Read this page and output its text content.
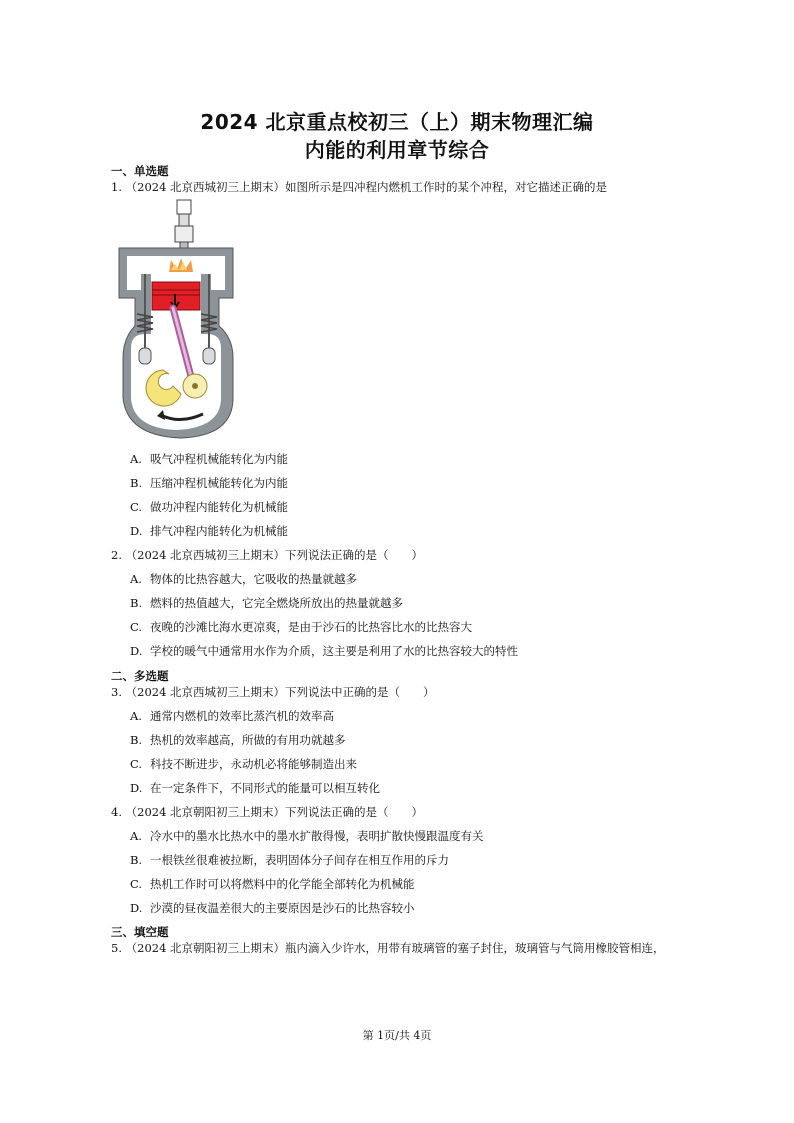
2024 北京重点校初三（上）期末物理汇编
内能的利用章节综合
一、单选题
1. （2024 北京西城初三上期末）如图所示是四冲程内燃机工作时的某个冲程，对它描述正确的是
A. 吸气冲程机械能转化为内能
B. 压缩冲程机械能转化为内能
C. 做功冲程内能转化为机械能
D. 排气冲程内能转化为机械能
2. （2024 北京西城初三上期末）下列说法正确的是（　　）
A. 物体的比热容越大，它吸收的热量就越多
B. 燃料的热值越大，它完全燃烧所放出的热量就越多
C. 夜晚的沙滩比海水更凉爽，是由于沙石的比热容比水的比热容大
D. 学校的暖气中通常用水作为介质，这主要是利用了水的比热容较大的特性
二、多选题
3. （2024 北京西城初三上期末）下列说法中正确的是（　　）
A. 通常内燃机的效率比蒸汽机的效率高
B. 热机的效率越高，所做的有用功就越多
C. 科技不断进步，永动机必将能够制造出来
D. 在一定条件下，不同形式的能量可以相互转化
4. （2024 北京朝阳初三上期末）下列说法正确的是（　　）
A. 冷水中的墨水比热水中的墨水扩散得慢，表明扩散快慢跟温度有关
B. 一根铁丝很难被拉断，表明固体分子间存在相互作用的斥力
C. 热机工作时可以将燃料中的化学能全部转化为机械能
D. 沙漠的昼夜温差很大的主要原因是沙石的比热容较小
三、填空题
5. （2024 北京朝阳初三上期末）瓶内滴入少许水，用带有玻璃管的塞子封住，玻璃管与气筒用橡胶管相连，
第 1页/共 4页
